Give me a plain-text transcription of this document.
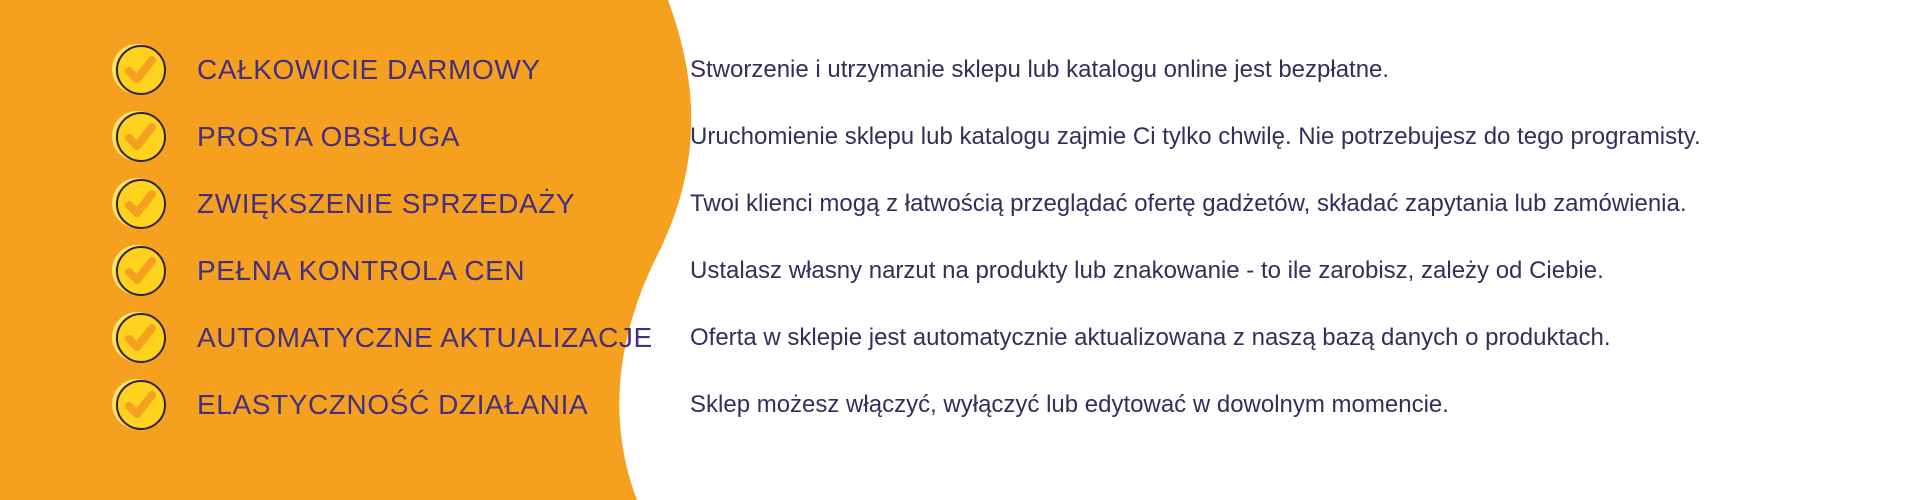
CAŁKOWICIE DARMOWY	Stworzenie i utrzymanie sklepu lub katalogu online jest bezpłatne.
PROSTA OBSŁUGA	Uruchomienie sklepu lub katalogu zajmie Ci tylko chwilę. Nie potrzebujesz do tego programisty.
ZWIĘKSZENIE SPRZEDAŻY	Twoi klienci mogą z łatwością przeglądać ofertę gadżetów, składać zapytania lub zamówienia.
PEŁNA KONTROLA CEN	Ustalasz własny narzut na produkty lub znakowanie - to ile zarobisz, zależy od Ciebie.
AUTOMATYCZNE AKTUALIZACJE Oferta w sklepie jest automatycznie aktualizowana z naszą bazą danych o produktach.
ELASTYCZNOŚĆ DZIAŁANIA	Sklep możesz włączyć, wyłączyć lub edytować w dowolnym momencie.
